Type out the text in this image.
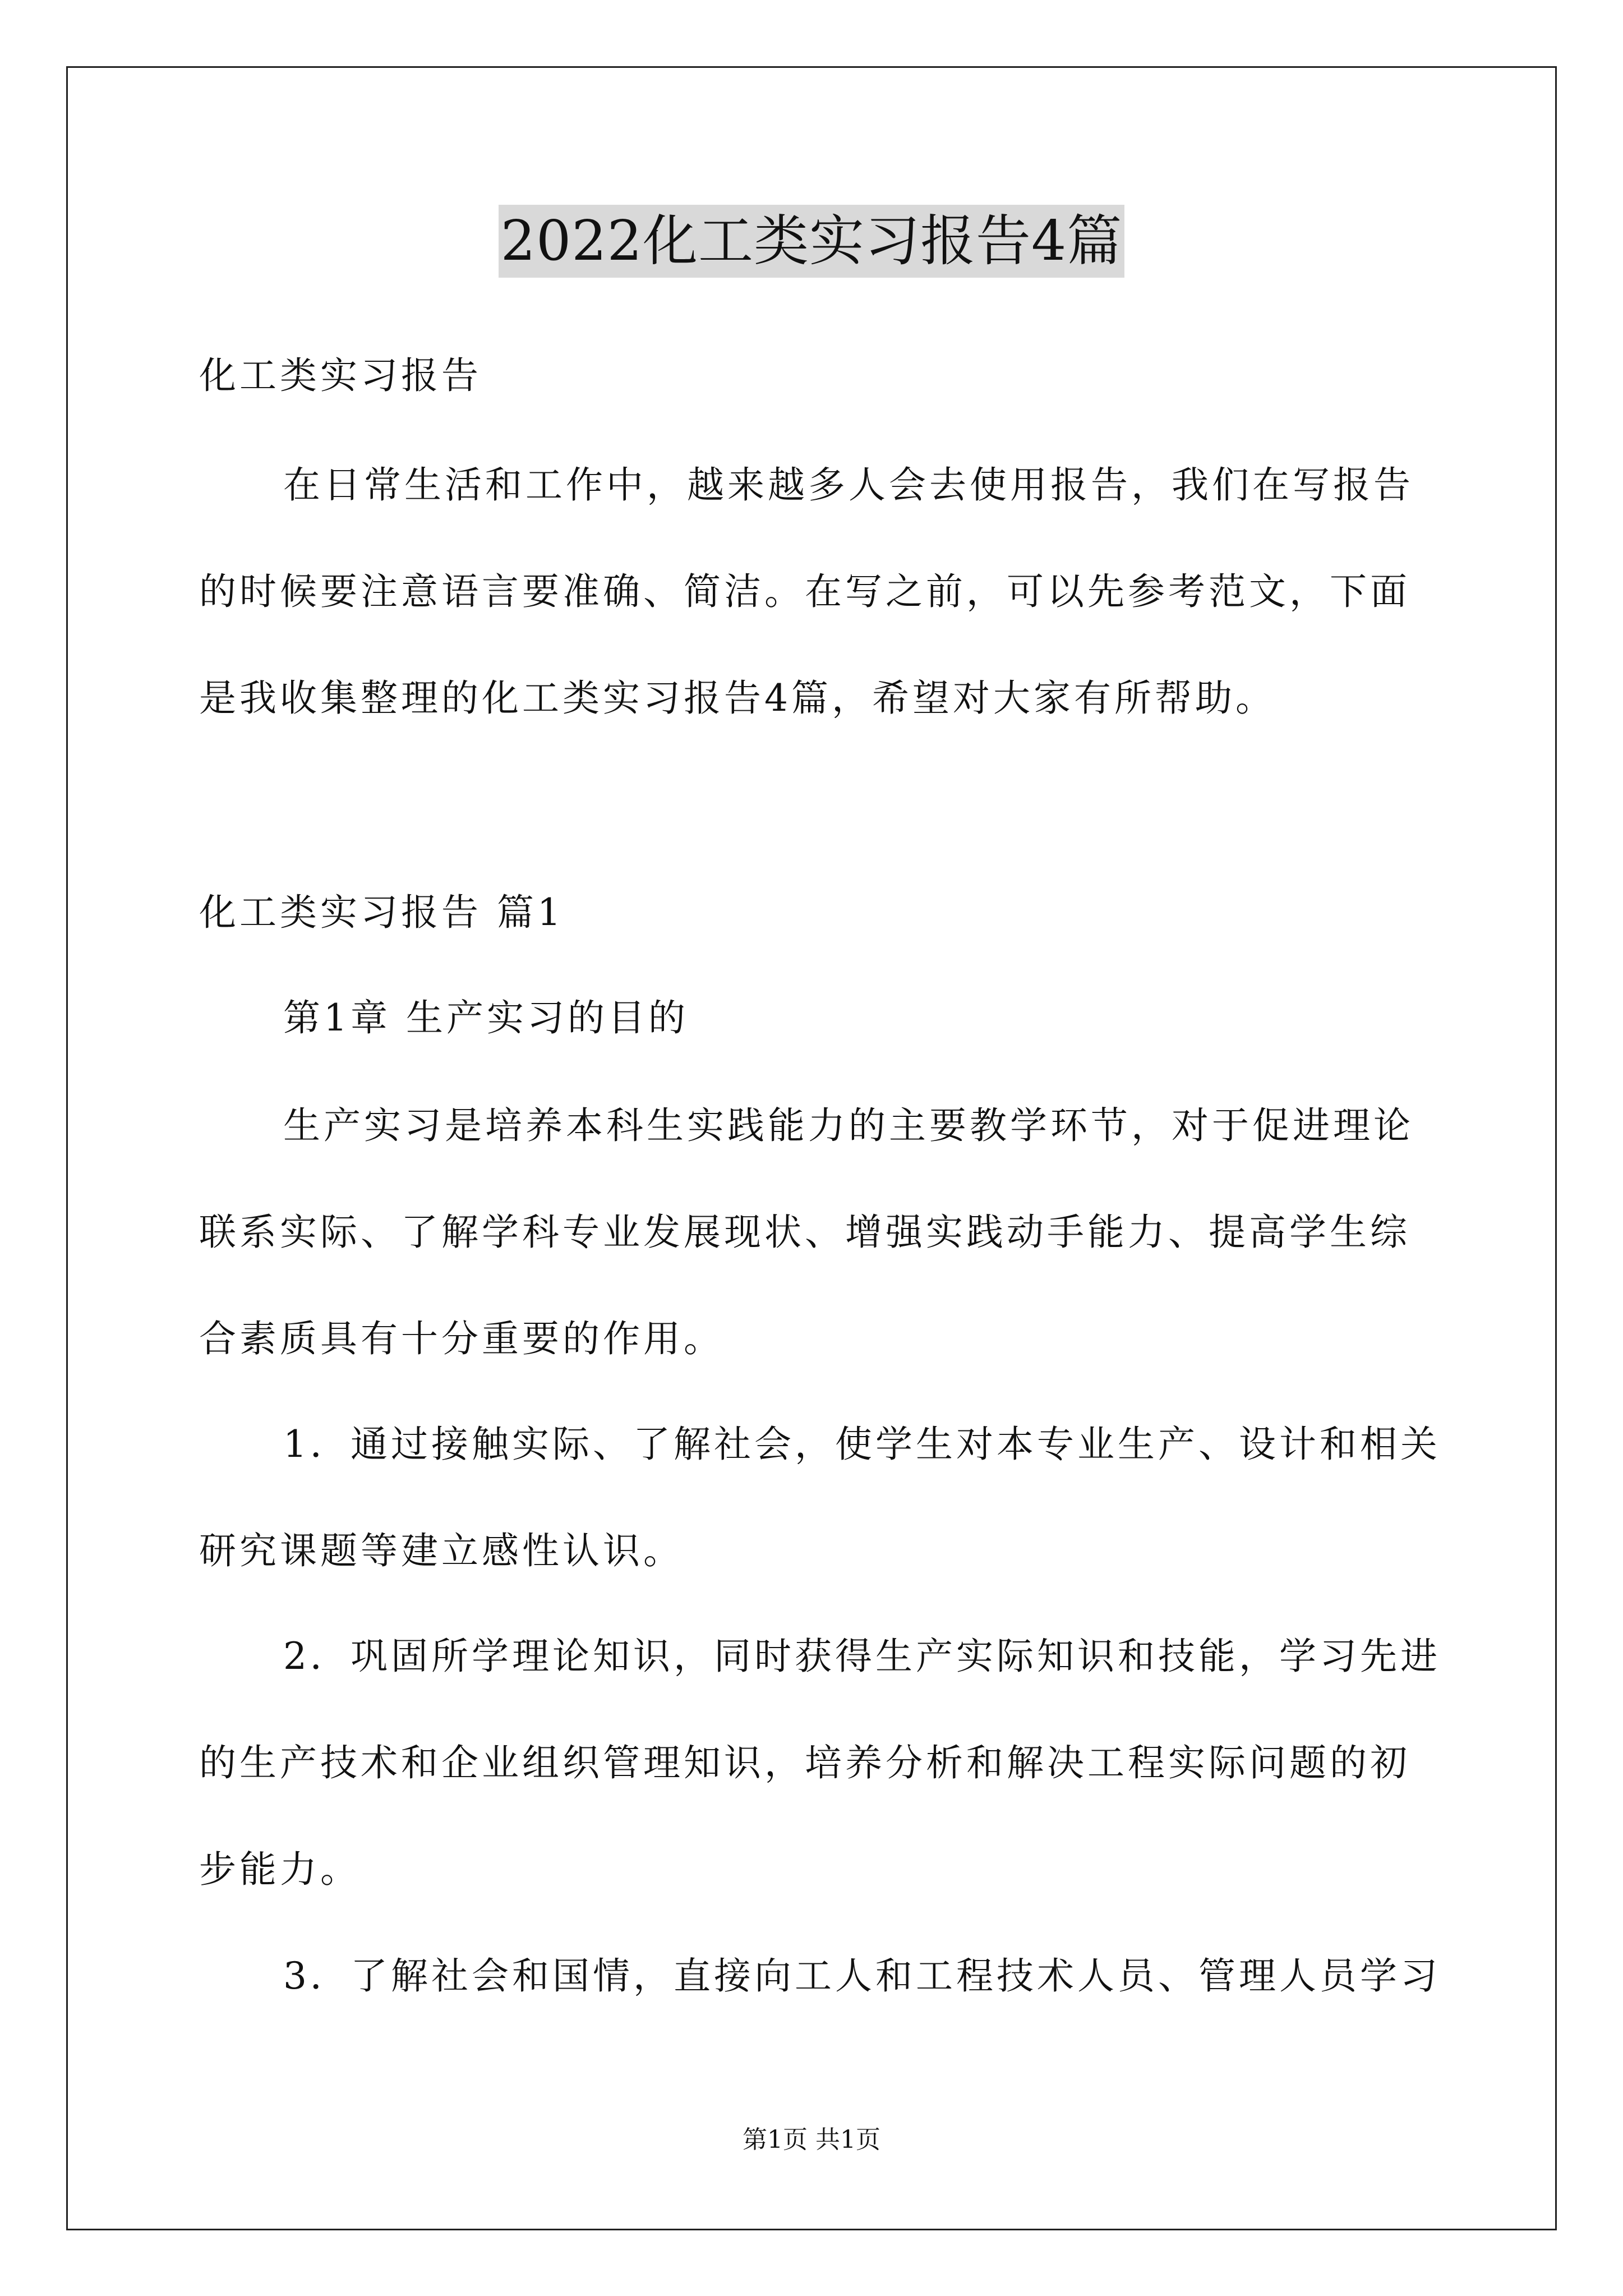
2022化工类实习报告4篇
化工类实习报告
在日常生活和工作中，越来越多人会去使用报告，我们在写报告
的时候要注意语言要准确、简洁。在写之前，可以先参考范文，下面
是我收集整理的化工类实习报告4篇，希望对大家有所帮助。
化工类实习报告 篇1
第1章 生产实习的目的
生产实习是培养本科生实践能力的主要教学环节，对于促进理论
联系实际、了解学科专业发展现状、增强实践动手能力、提高学生综
合素质具有十分重要的作用。
1．通过接触实际、了解社会，使学生对本专业生产、设计和相关
研究课题等建立感性认识。
2．巩固所学理论知识，同时获得生产实际知识和技能，学习先进
的生产技术和企业组织管理知识，培养分析和解决工程实际问题的初
步能力。
3．了解社会和国情，直接向工人和工程技术人员、管理人员学习
第1页 共1页
